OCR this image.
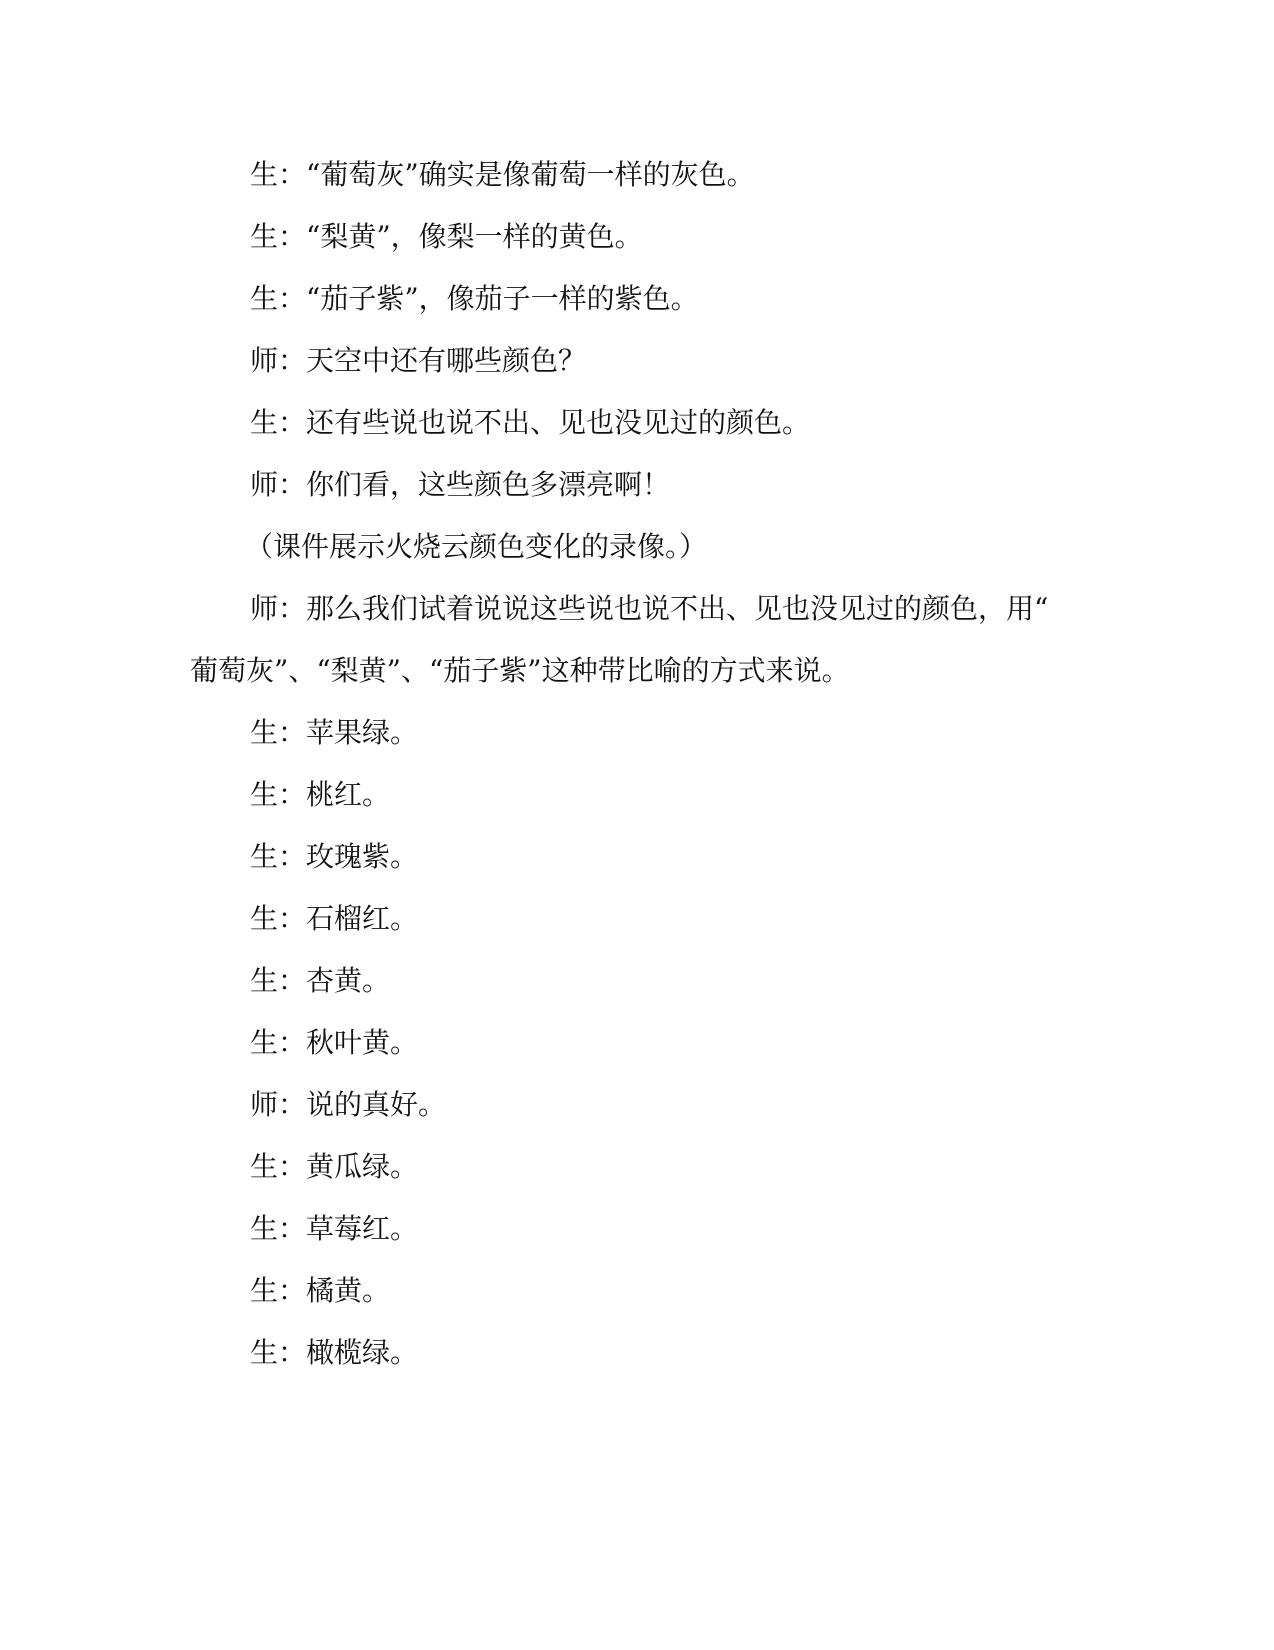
生：“葡萄灰”确实是像葡萄一样的灰色。
生：“梨黄”，像梨一样的黄色。
生：“茄子紫”，像茄子一样的紫色。
师：天空中还有哪些颜色？
生：还有些说也说不出、见也没见过的颜色。
师：你们看，这些颜色多漂亮啊！
（课件展示火烧云颜色变化的录像。）
师：那么我们试着说说这些说也说不出、见也没见过的颜色，用“
葡萄灰”、“梨黄”、“茄子紫”这种带比喻的方式来说。
生：苹果绿。
生：桃红。
生：玫瑰紫。
生：石榴红。
生：杏黄。
生：秋叶黄。
师：说的真好。
生：黄瓜绿。
生：草莓红。
生：橘黄。
生：橄榄绿。
